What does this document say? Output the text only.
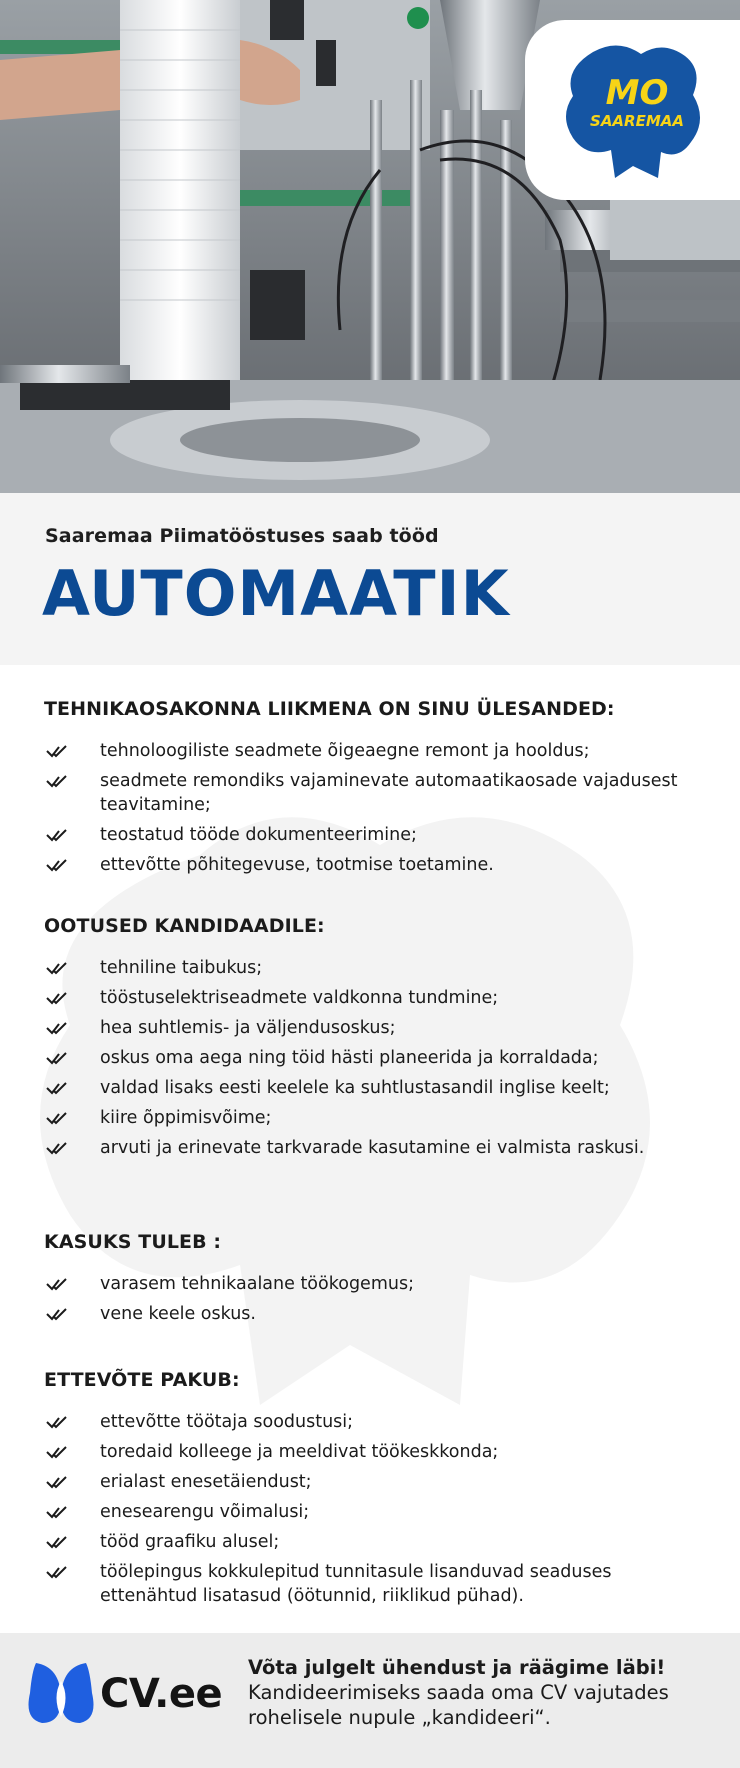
MO
SAAREMAA
Saaremaa Piimatööstuses saab tööd
AUTOMAATIK
TEHNIKAOSAKONNA LIIKMENA ON SINU ÜLESANDED:
tehnoloogiliste seadmete õigeaegne remont ja hooldus;
seadmete remondiks vajaminevate automaatikaosade vajadusest teavitamine;
teostatud tööde dokumenteerimine;
ettevõtte põhitegevuse, tootmise toetamine.
OOTUSED KANDIDAADILE:
tehniline taibukus;
tööstuselektriseadmete valdkonna tundmine;
hea suhtlemis- ja väljendusoskus;
oskus oma aega ning töid hästi planeerida ja korraldada;
valdad lisaks eesti keelele ka suhtlustasandil inglise keelt;
kiire õppimisvõime;
arvuti ja erinevate tarkvarade kasutamine ei valmista raskusi.
KASUKS TULEB :
varasem tehnikaalane töökogemus;
vene keele oskus.
ETTEVÕTE PAKUB:
ettevõtte töötaja soodustusi;
toredaid kolleege ja meeldivat töökeskkonda;
erialast enesetäiendust;
enesearengu võimalusi;
tööd graafiku alusel;
töölepingus kokkulepitud tunnitasule lisanduvad seaduses ettenähtud lisatasud (öötunnid, riiklikud pühad).
CV.ee
Võta julgelt ühendust ja räägime läbi!
Kandideerimiseks saada oma CV vajutades rohelisele nupule „kandideeri“.
